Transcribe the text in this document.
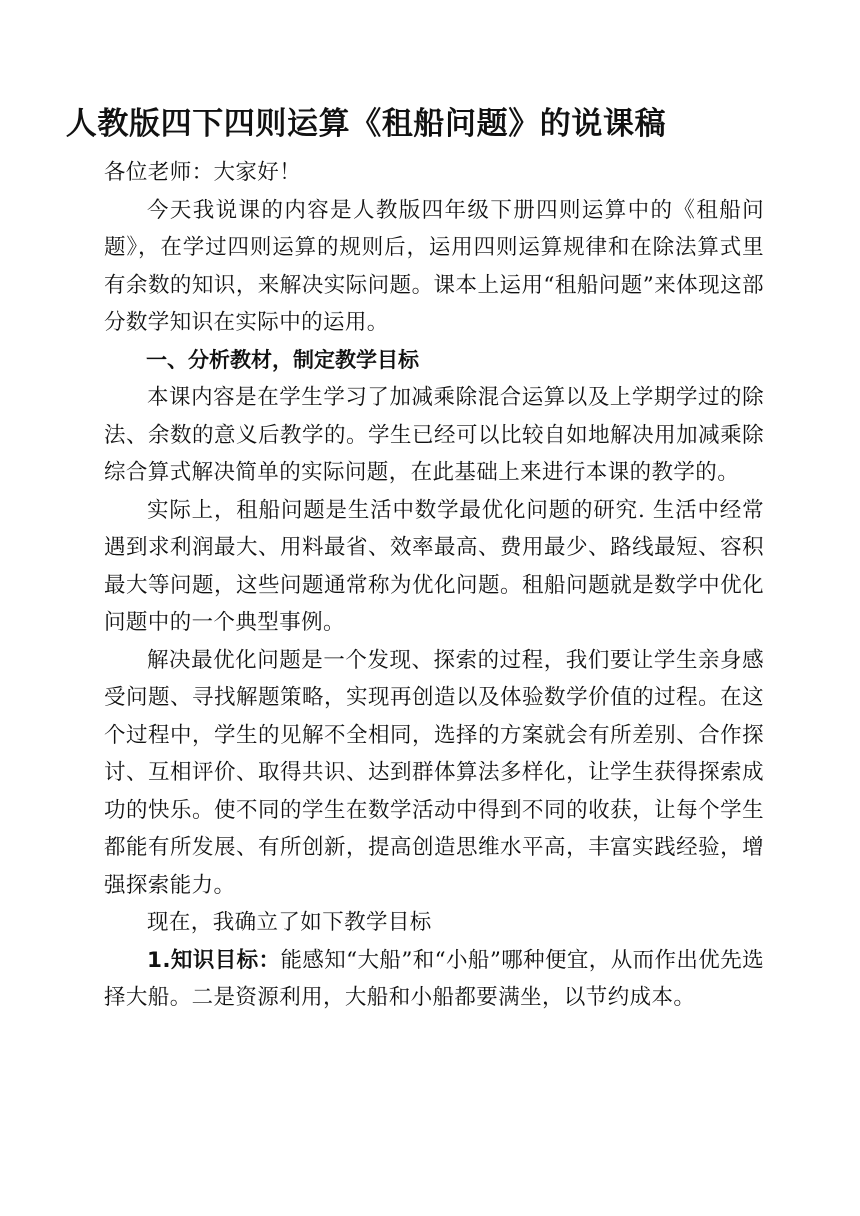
人教版四下四则运算《租船问题》的说课稿

各位老师：大家好！

今天我说课的内容是人教版四年级下册四则运算中的《租船问题》，在学过四则运算的规则后，运用四则运算规律和在除法算式里有余数的知识，来解决实际问题。课本上运用“租船问题”来体现这部分数学知识在实际中的运用。

一、分析教材，制定教学目标

本课内容是在学生学习了加减乘除混合运算以及上学期学过的除法、余数的意义后教学的。学生已经可以比较自如地解决用加减乘除综合算式解决简单的实际问题，在此基础上来进行本课的教学的。

实际上，租船问题是生活中数学最优化问题的研究. 生活中经常遇到求利润最大、用料最省、效率最高、费用最少、路线最短、容积最大等问题，这些问题通常称为优化问题。租船问题就是数学中优化问题中的一个典型事例。

解决最优化问题是一个发现、探索的过程，我们要让学生亲身感受问题、寻找解题策略，实现再创造以及体验数学价值的过程。在这个过程中，学生的见解不全相同，选择的方案就会有所差别、合作探讨、互相评价、取得共识、达到群体算法多样化，让学生获得探索成功的快乐。使不同的学生在数学活动中得到不同的收获，让每个学生都能有所发展、有所创新，提高创造思维水平高，丰富实践经验，增强探索能力。

现在，我确立了如下教学目标

1.知识目标：能感知“大船”和“小船”哪种便宜，从而作出优先选择大船。二是资源利用，大船和小船都要满坐，以节约成本。
